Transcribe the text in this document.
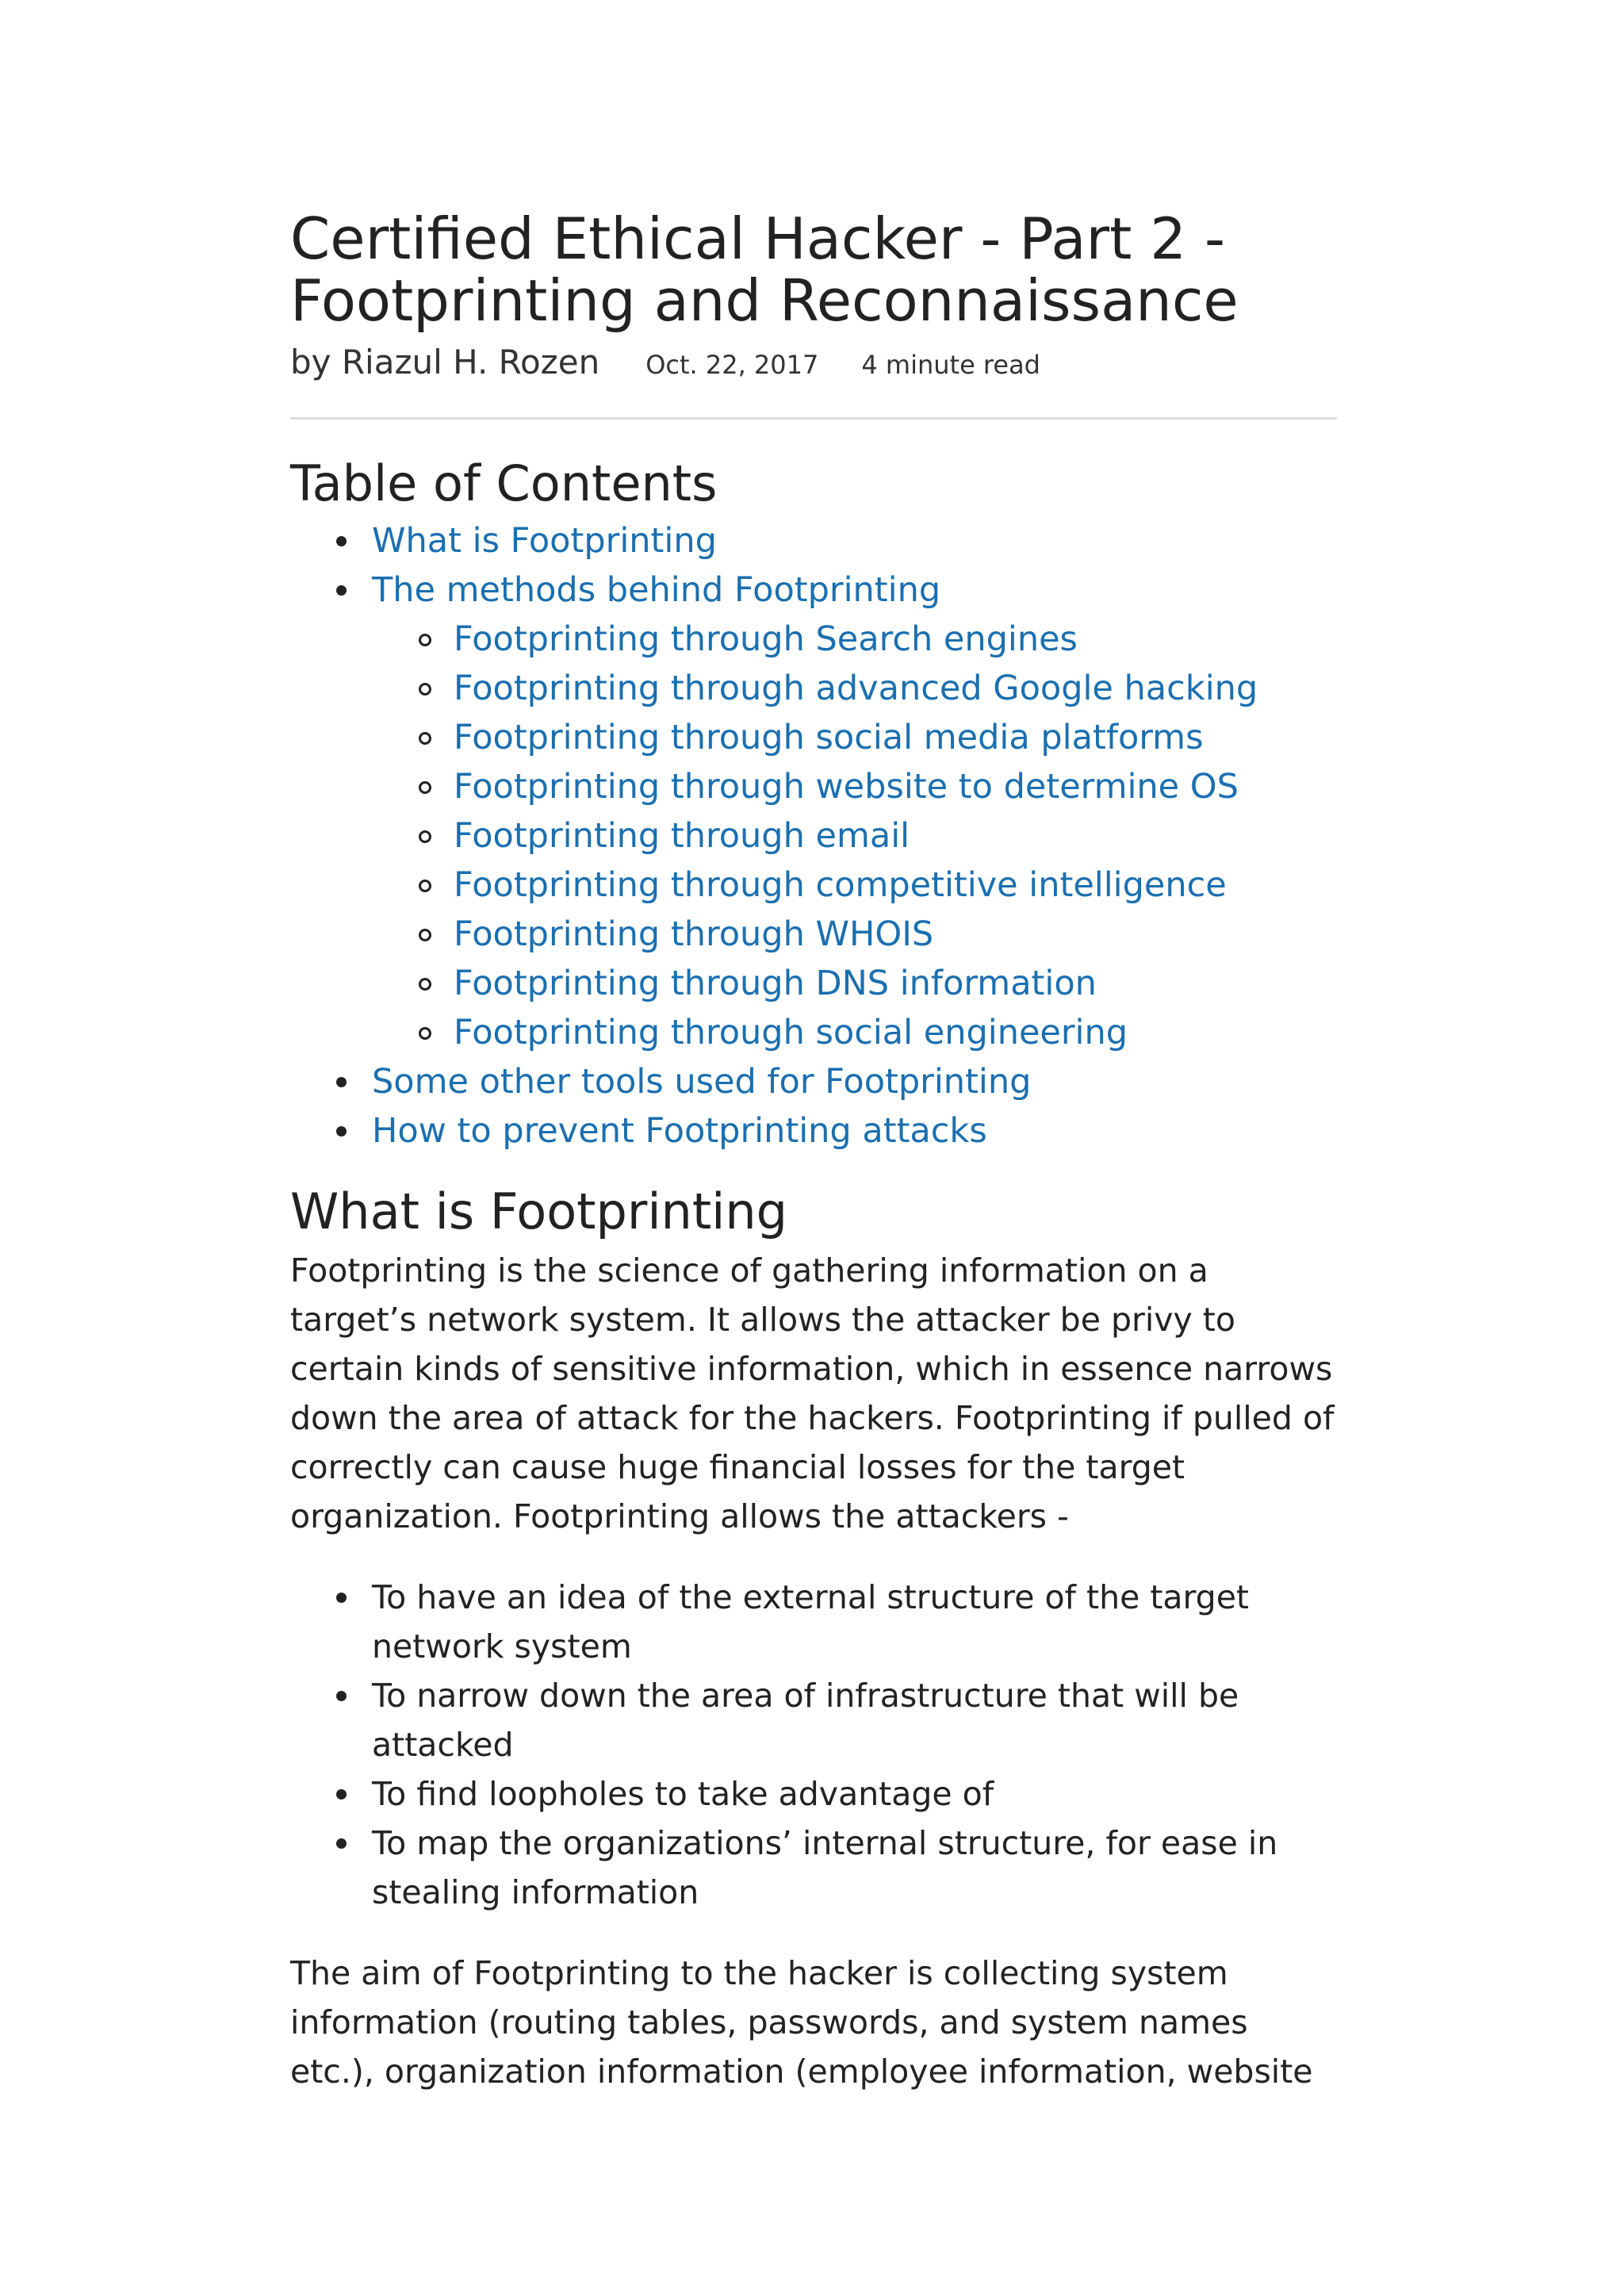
Certified Ethical Hacker - Part 2 - Footprinting and Reconnaissance
by Riazul H. Rozen Oct. 22, 2017 4 minute read
Table of Contents
What is Footprinting
The methods behind Footprinting
Footprinting through Search engines
Footprinting through advanced Google hacking
Footprinting through social media platforms
Footprinting through website to determine OS
Footprinting through email
Footprinting through competitive intelligence
Footprinting through WHOIS
Footprinting through DNS information
Footprinting through social engineering
Some other tools used for Footprinting
How to prevent Footprinting attacks
What is Footprinting

Footprinting is the science of gathering information on a target’s network system. It allows the attacker be privy to certain kinds of sensitive information, which in essence narrows down the area of attack for the hackers. Footprinting if pulled of correctly can cause huge financial losses for the target organization. Footprinting allows the attackers -

To have an idea of the external structure of the target network system
To narrow down the area of infrastructure that will be attacked
To find loopholes to take advantage of
To map the organizations’ internal structure, for ease in stealing information

The aim of Footprinting to the hacker is collecting system information (routing tables, passwords, and system names etc.), organization information (employee information, website
